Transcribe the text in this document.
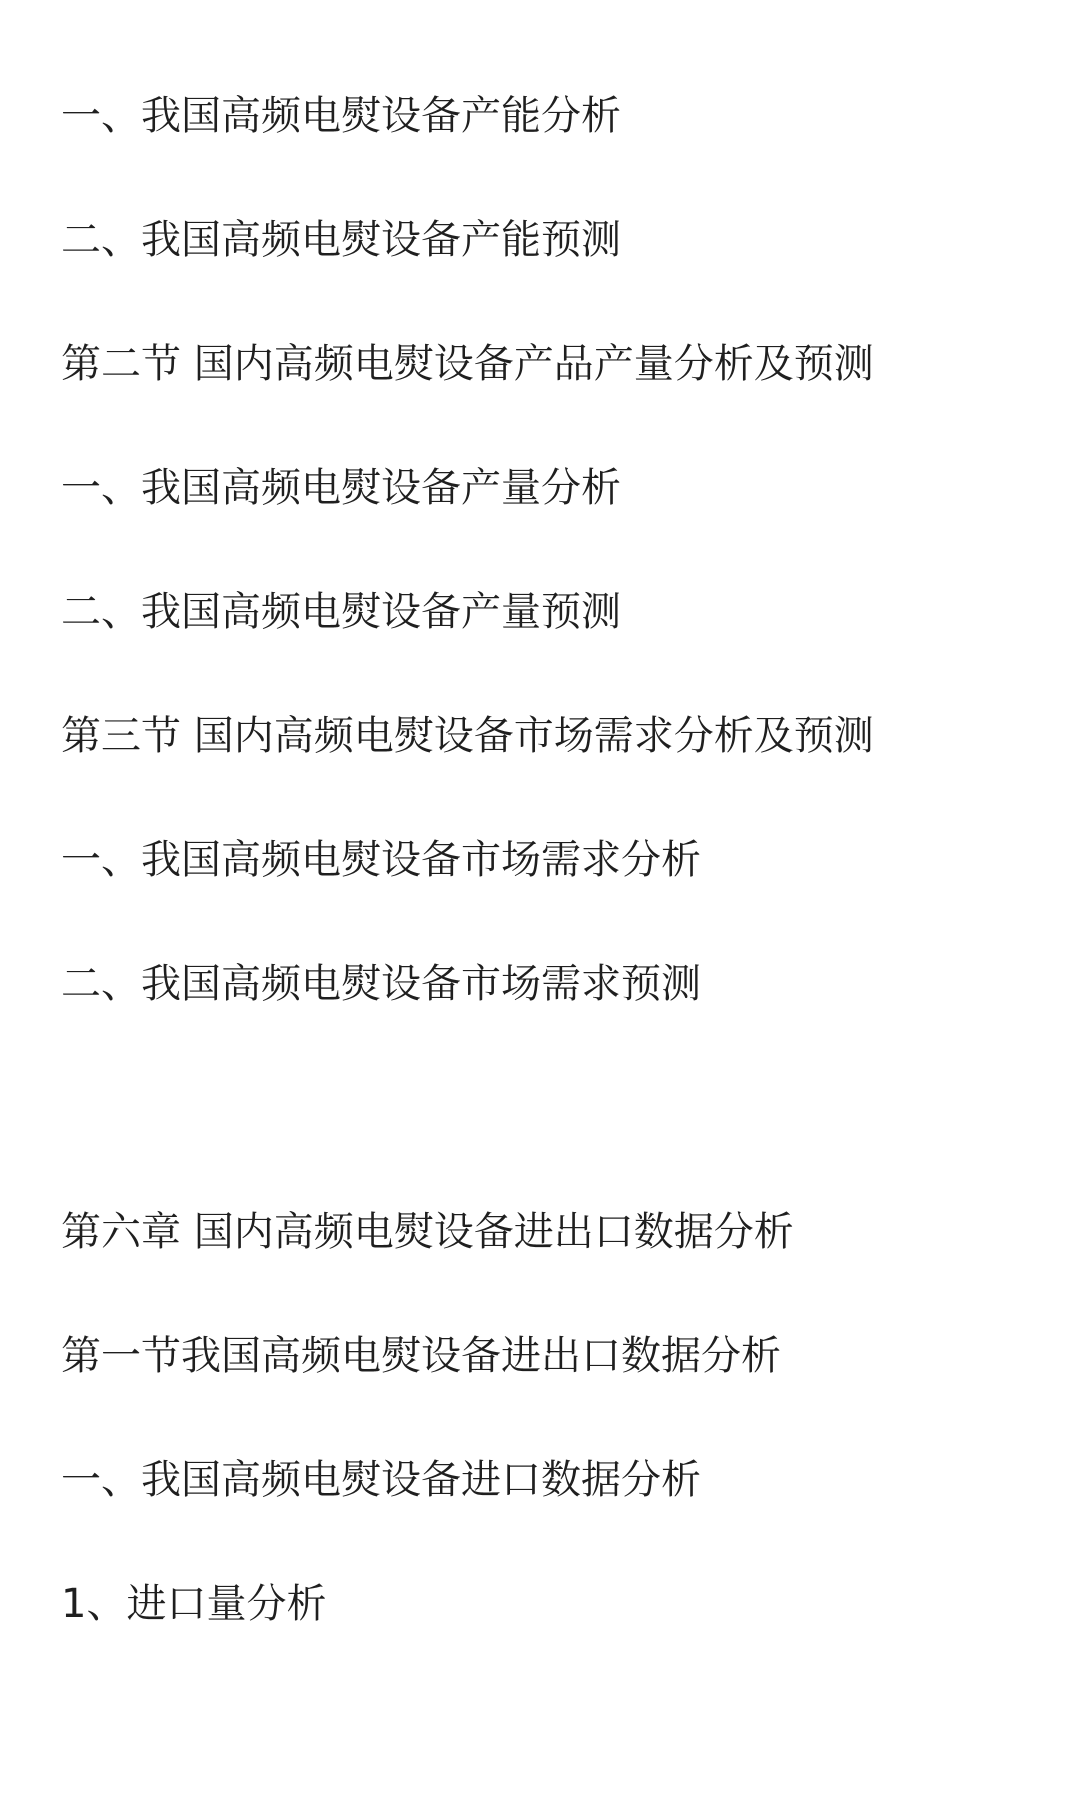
一、我国高频电熨设备产能分析
二、我国高频电熨设备产能预测
第二节 国内高频电熨设备产品产量分析及预测
一、我国高频电熨设备产量分析
二、我国高频电熨设备产量预测
第三节 国内高频电熨设备市场需求分析及预测
一、我国高频电熨设备市场需求分析
二、我国高频电熨设备市场需求预测
第六章 国内高频电熨设备进出口数据分析
第一节我国高频电熨设备进出口数据分析
一、我国高频电熨设备进口数据分析
1、进口量分析
